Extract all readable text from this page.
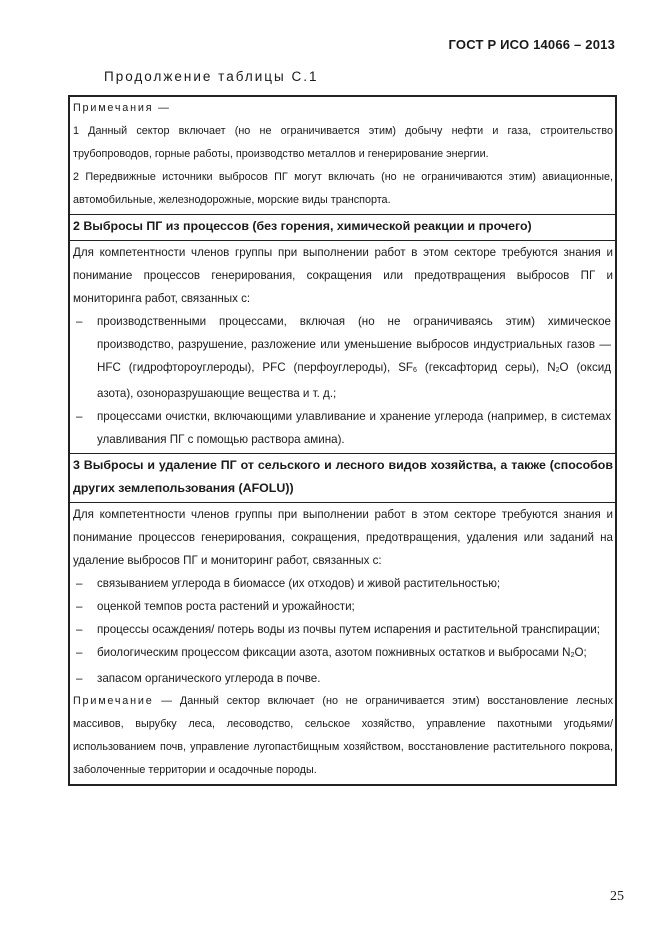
ГОСТ Р ИСО 14066 – 2013
Продолжение таблицы С.1

Примечания —

1 Данный сектор включает (но не ограничивается этим) добычу нефти и газа, строительство трубопроводов, горные работы, производство металлов и генерирование энергии.

2 Передвижные источники выбросов ПГ могут включать (но не ограничиваются этим) авиационные, автомобильные, железнодорожные, морские виды транспорта.

2 Выбросы ПГ из процессов (без горения, химической реакции и прочего)

Для компетентности членов группы при выполнении работ в этом секторе требуются знания и понимание процессов генерирования, сокращения или предотвращения выбросов ПГ и мониторинга работ, связанных с:

–	производственными процессами, включая (но не ограничиваясь этим) химическое производство, разрушение, разложение или уменьшение выбросов индустриальных газов — HFC (гидрофтороуглероды), PFC (перфоуглероды), $SF_6$ (гексафторид серы), $N_2O$ (оксид азота), озоноразрушающие вещества и т. д.;
–	процессами очистки, включающими улавливание и хранение углерода (например, в системах улавливания ПГ с помощью раствора амина).

3 Выбросы и удаление ПГ от сельского и лесного видов хозяйства, а также (способов других землепользования (AFOLU))

Для компетентности членов группы при выполнении работ в этом секторе требуются знания и понимание процессов генерирования, сокращения, предотвращения, удаления или заданий на удаление выбросов ПГ и мониторинг работ, связанных с:

–	связыванием углерода в биомассе (их отходов) и живой растительностью;
–	оценкой темпов роста растений и урожайности;
–	процессы осаждения/ потерь воды из почвы путем испарения и растительной транспирации;
–	биологическим процессом фиксации азота, азотом пожнивных остатков и выбросами $N_2O$;
–	запасом органического углерода в почве.

Примечание — Данный сектор включает (но не ограничивается этим) восстановление лесных массивов, вырубку леса, лесоводство, сельское хозяйство, управление пахотными угодьями/использованием почв, управление лугопастбищным хозяйством, восстановление растительного покрова, заболоченные территории и осадочные породы.

25
